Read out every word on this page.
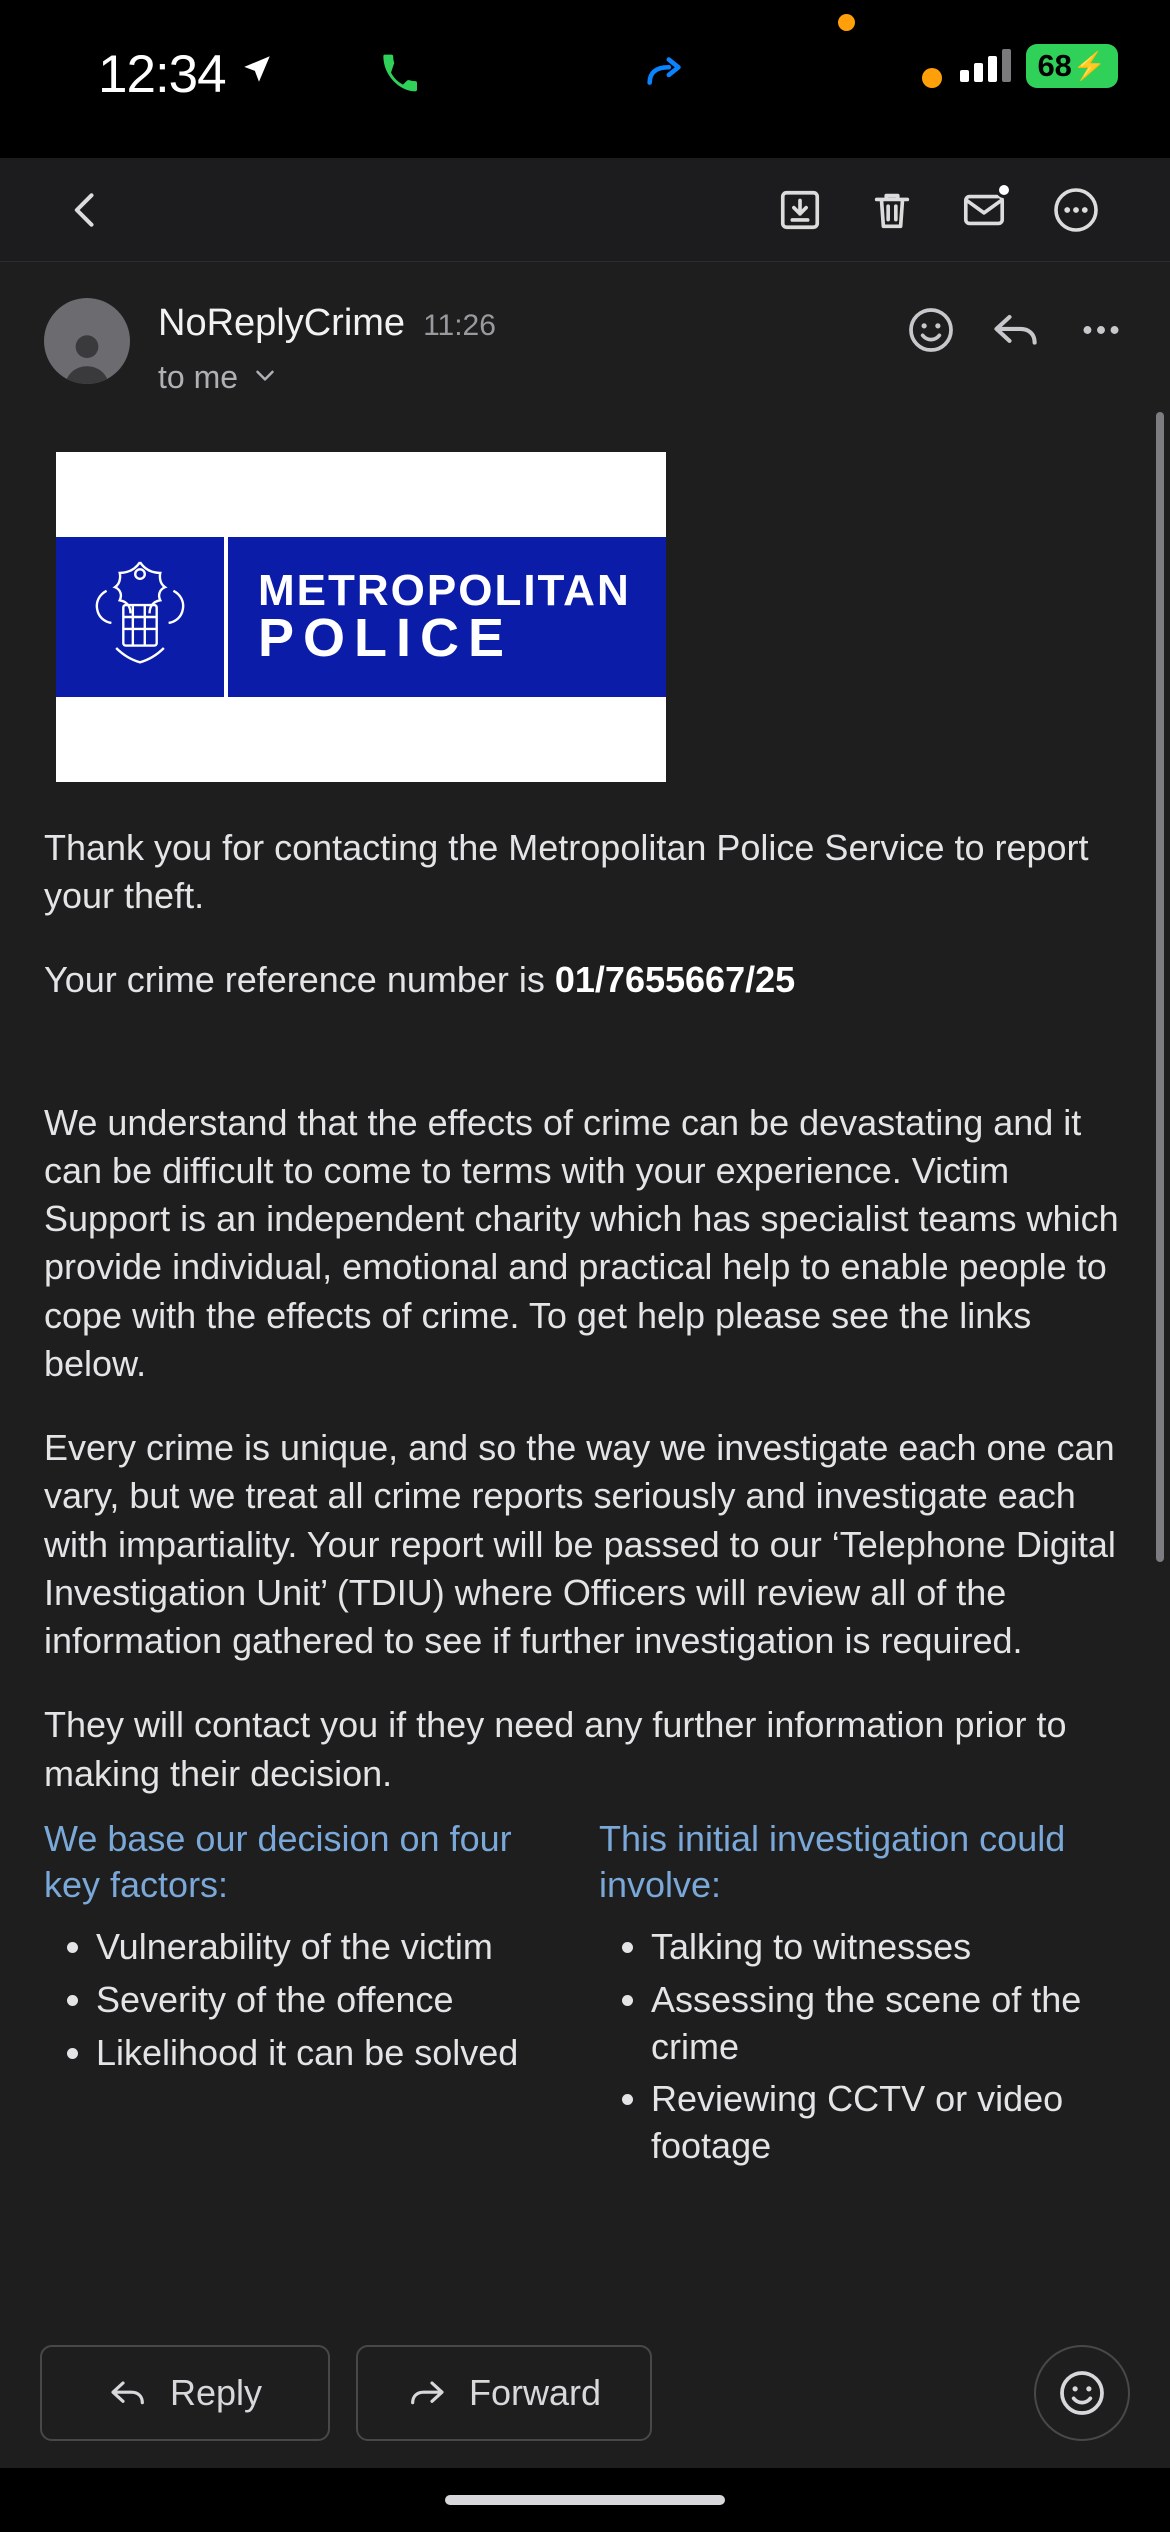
12:34	68 ⚡
NoReplyCrime 11:26
to me
METROPOLITAN
POLICE

Thank you for contacting the Metropolitan Police Service to report your theft.

Your crime reference number is 01/7655667/25

We understand that the effects of crime can be devastating and it can be difficult to come to terms with your experience. Victim Support is an independent charity which has specialist teams which provide individual, emotional and practical help to enable people to cope with the effects of crime. To get help please see the links below.

Every crime is unique, and so the way we investigate each one can vary, but we treat all crime reports seriously and investigate each with impartiality. Your report will be passed to our ‘Telephone Digital Investigation Unit’ (TDIU) where Officers will review all of the information gathered to see if further investigation is required.

They will contact you if they need any further information prior to making their decision.

We base our decision on four key factors:
• Vulnerability of the victim
• Severity of the offence
• Likelihood it can be solved
This initial investigation could involve:
• Talking to witnesses
• Assessing the scene of the crime
• Reviewing CCTV or video footage
Reply	Forward
